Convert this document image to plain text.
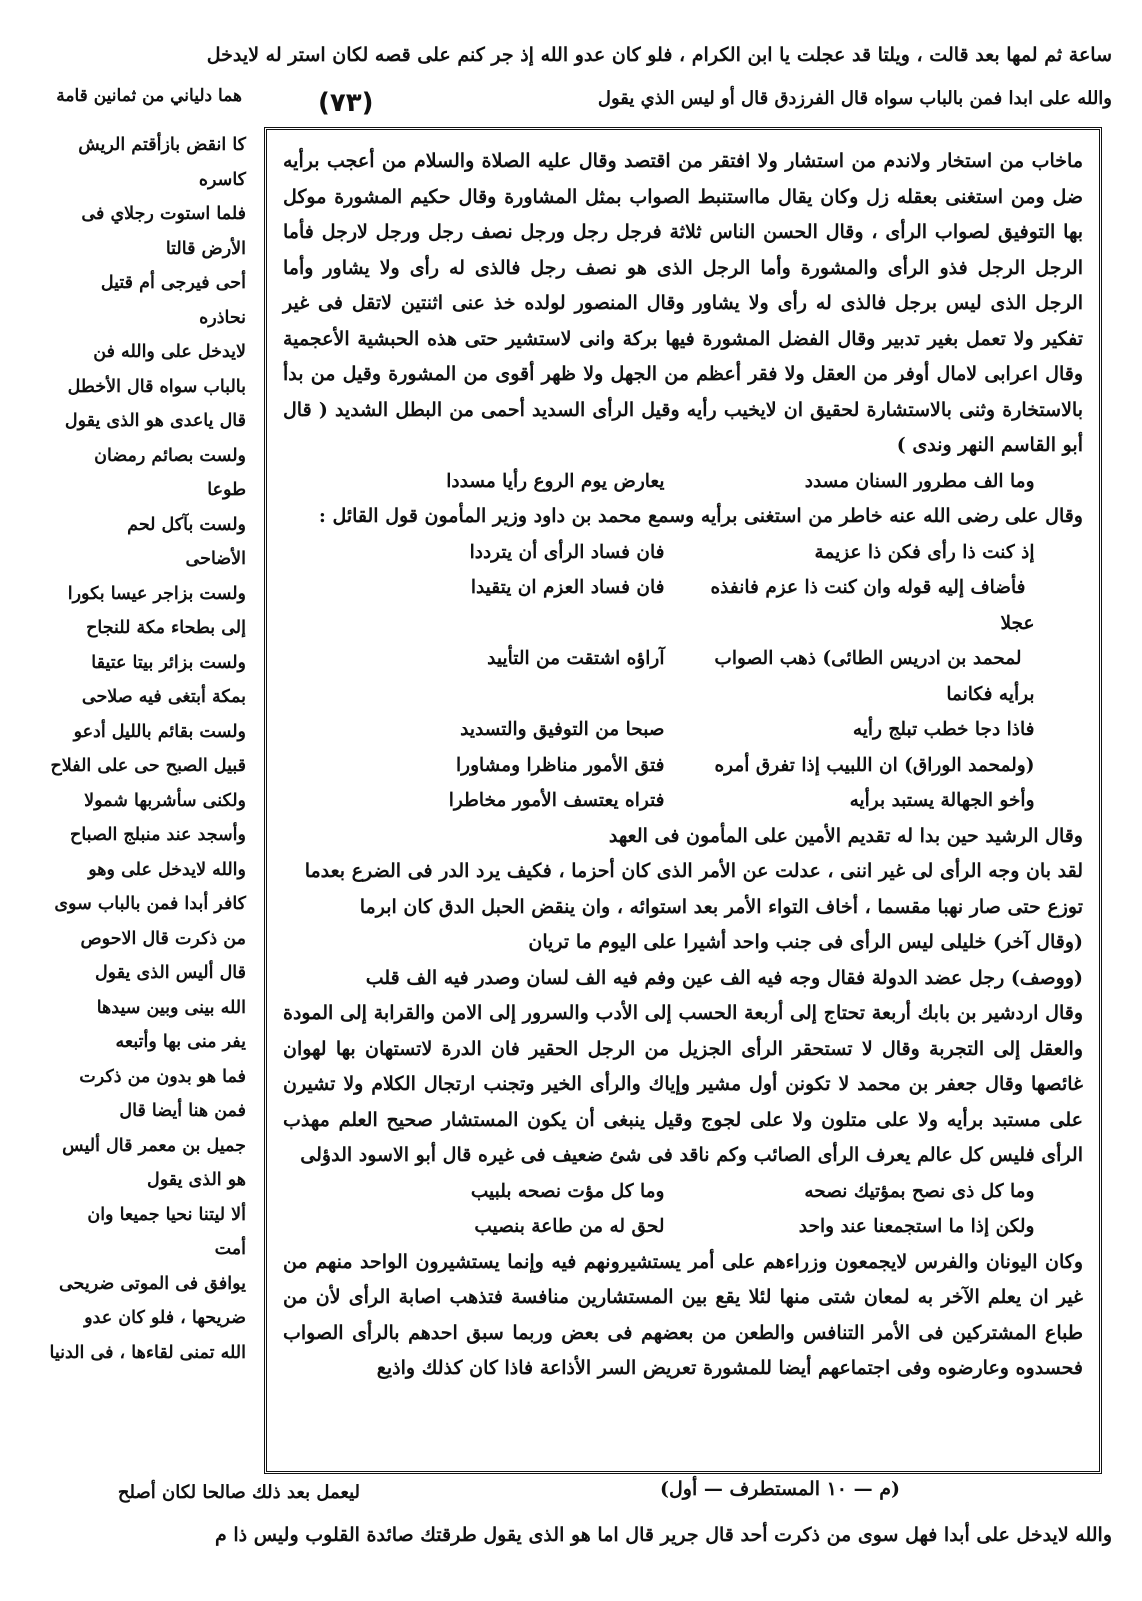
ساعة ثم لمها بعد قالت ، ويلتا قد عجلت يا ابن الكرام ، فلو كان عدو الله إذ جر كنم على قصه لكان استر له لايدخل
والله على ابدا فمن بالباب سواه قال الفرزدق قال أو ليس الذي يقول
(٧٣)
هما دلياني من ثمانين قامة

ماخاب من استخار ولاندم من استشار ولا افتقر من اقتصد وقال عليه الصلاة والسلام من أعجب برأيه ضل ومن استغنى بعقله زل وكان يقال مااستنبط الصواب بمثل المشاورة وقال حكيم المشورة موكل بها التوفيق لصواب الرأى ، وقال الحسن الناس ثلاثة فرجل رجل ورجل نصف رجل ورجل لارجل فأما الرجل الرجل فذو الرأى والمشورة وأما الرجل الذى هو نصف رجل فالذى له رأى ولا يشاور وأما الرجل الذى ليس برجل فالذى له رأى ولا يشاور وقال المنصور لولده خذ عنى اثنتين لاتقل فى غير تفكير ولا تعمل بغير تدبير وقال الفضل المشورة فيها بركة وانى لاستشير حتى هذه الحبشية الأعجمية وقال اعرابى لامال أوفر من العقل ولا فقر أعظم من الجهل ولا ظهر أقوى من المشورة وقيل من بدأ بالاستخارة وثنى بالاستشارة لحقيق ان لايخيب رأيه وقيل الرأى السديد أحمى من البطل الشديد ( قال أبو القاسم النهر وندى )

وما الف مطرور السنان مسدد
يعارض يوم الروع رأيا مسددا

وقال على رضى الله عنه خاطر من استغنى برأيه وسمع محمد بن داود وزير المأمون قول القائل :

إذ كنت ذا رأى فكن ذا عزيمة
فان فساد الرأى أن يترددا
فأضاف إليه قوله وان كنت ذا عزم فانفذه عجلا
فان فساد العزم ان يتقيدا
لمحمد بن ادريس الطائى) ذهب الصواب برأيه فكانما
آراؤه اشتقت من التأييد
فاذا دجا خطب تبلج رأيه
صبحا من التوفيق والتسديد
(ولمحمد الوراق) ان اللبيب إذا تفرق أمره
فتق الأمور مناظرا ومشاورا
وأخو الجهالة يستبد برأيه
فتراه يعتسف الأمور مخاطرا

وقال الرشيد حين بدا له تقديم الأمين على المأمون فى العهد

لقد بان وجه الرأى لى غير اننى ، عدلت عن الأمر الذى كان أحزما ، فكيف يرد الدر فى الضرع بعدما

توزع حتى صار نهبا مقسما ، أخاف التواء الأمر بعد استوائه ، وان ينقض الحبل الدق كان ابرما

(وقال آخر) خليلى ليس الرأى فى جنب واحد أشيرا على اليوم ما تريان

(ووصف) رجل عضد الدولة فقال وجه فيه الف عين وفم فيه الف لسان وصدر فيه الف قلب

وقال اردشير بن بابك أربعة تحتاج إلى أربعة الحسب إلى الأدب والسرور إلى الامن والقرابة إلى المودة والعقل إلى التجربة وقال لا تستحقر الرأى الجزيل من الرجل الحقير فان الدرة لاتستهان بها لهوان غائصها وقال جعفر بن محمد لا تكونن أول مشير وإياك والرأى الخير وتجنب ارتجال الكلام ولا تشيرن على مستبد برأيه ولا على متلون ولا على لجوج وقيل ينبغى أن يكون المستشار صحيح العلم مهذب الرأى فليس كل عالم يعرف الرأى الصائب وكم ناقد فى شئ ضعيف فى غيره قال أبو الاسود الدؤلى

وما كل ذى نصح بمؤتيك نصحه
وما كل مؤت نصحه بلبيب
ولكن إذا ما استجمعنا عند واحد
لحق له من طاعة بنصيب

وكان اليونان والفرس لايجمعون وزراءهم على أمر يستشيرونهم فيه وإنما يستشيرون الواحد منهم من غير ان يعلم الآخر به لمعان شتى منها لئلا يقع بين المستشارين منافسة فتذهب اصابة الرأى لأن من طباع المشتركين فى الأمر التنافس والطعن من بعضهم فى بعض وربما سبق احدهم بالرأى الصواب فحسدوه وعارضوه وفى اجتماعهم أيضا للمشورة تعريض السر الأذاعة فاذا كان كذلك واذيع

كا انقض بازأقتم الريش
كاسره
فلما استوت رجلاي فى
الأرض قالتا
أحى فيرجى أم قتيل
نحاذره
لايدخل على والله فن
بالباب سواه قال الأخطل
قال ياعدى هو الذى يقول
ولست بصائم رمضان
طوعا
ولست بآكل لحم
الأضاحى
ولست بزاجر عيسا بكورا
إلى بطحاء مكة للنجاح
ولست بزائر بيتا عتيقا
بمكة أبتغى فيه صلاحى
ولست بقائم بالليل أدعو
قبيل الصبح حى على الفلاح
ولكنى سأشربها شمولا
وأسجد عند منبلج الصباح
والله لايدخل على وهو
كافر أبدا فمن بالباب سوى
من ذكرت قال الاحوص
قال أليس الذى يقول
الله بينى وبين سيدها
يفر منى بها وأتبعه
فما هو بدون من ذكرت
فمن هنا أيضا قال
جميل بن معمر قال أليس
هو الذى يقول
ألا ليتنا نحيا جميعا وان
أمت
يوافق فى الموتى ضريحى
ضريحها ، فلو كان عدو
الله تمنى لقاءها ، فى الدنيا
(م — ١٠ المستطرف — أول)
ليعمل بعد ذلك صالحا لكان أصلح
والله لايدخل على أبدا فهل سوى من ذكرت أحد قال جرير قال اما هو الذى يقول طرقتك صائدة القلوب وليس ذا م
